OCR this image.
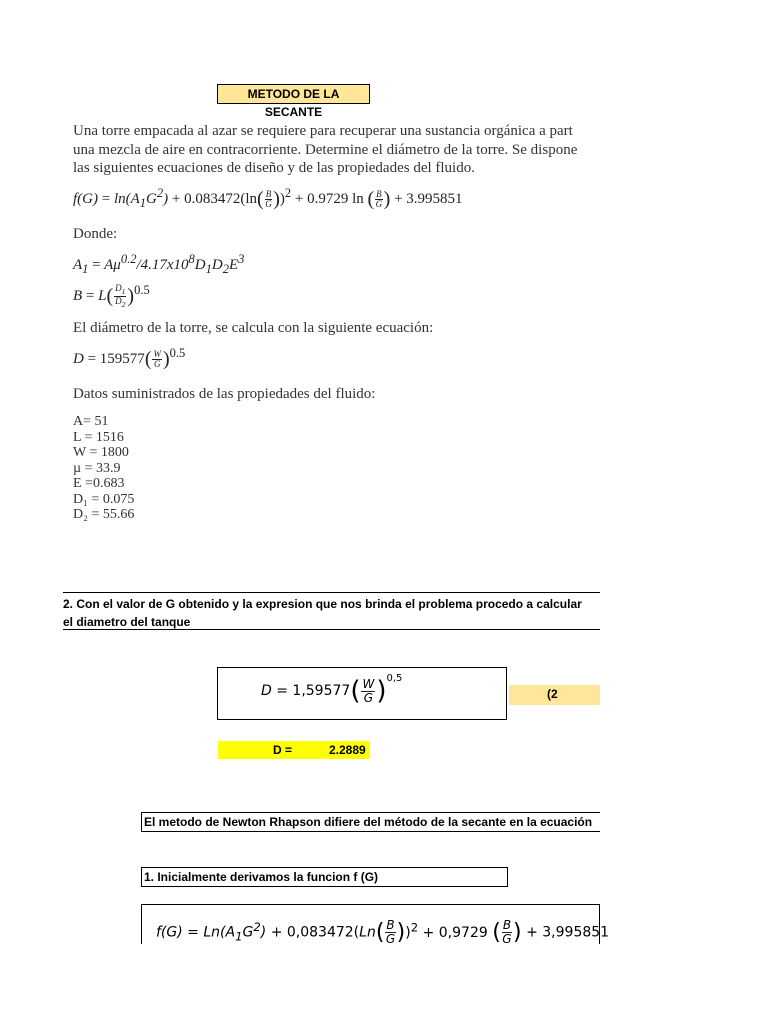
METODO DE LA SECANTE
Una torre empacada al azar se requiere para recuperar una sustancia orgánica a part
una mezcla de aire en contracorriente. Determine el diámetro de la torre. Se dispone
las siguientes ecuaciones de diseño y de las propiedades del fluido.
$f(G) = \ln(A_1G^2) + 0.083472(\ln( \frac{B}{G} ))^2 + 0.9729$ ln ( $\frac{B}{G}$ ) + 3.995851
Donde:
$A_1 = A\mu^{0.2}/4.17x10^8D_1D_2E^3$
$B = L( \frac{D_1}{D_2} )^{0.5}$
El diámetro de la torre, se calcula con la siguiente ecuación:
$D = 159577( \frac{W}{G} )^{0.5}$
Datos suministrados de las propiedades del fluido:
A= 51
L = 1516
W = 1800
µ = 33.9
E =0.683
D₁ = 0.075
D₂ = 55.66
2. Con el valor de G obtenido y la expresion que nos brinda el problema procedo a calcular
el diametro del tanque
$D = 1,59577( \frac{W}{G} )^{0,5}$
(2
D =	2.2889
El metodo de Newton Rhapson difiere del método de la secante en la ecuación
1. Inicialmente derivamos la funcion f (G)
$f(G) = Ln(A_1G^2) + 0,083472(Ln( \frac{B}{G} ))^2 + 0,9729$ ( $\frac{B}{G}$ ) + 3,995851
